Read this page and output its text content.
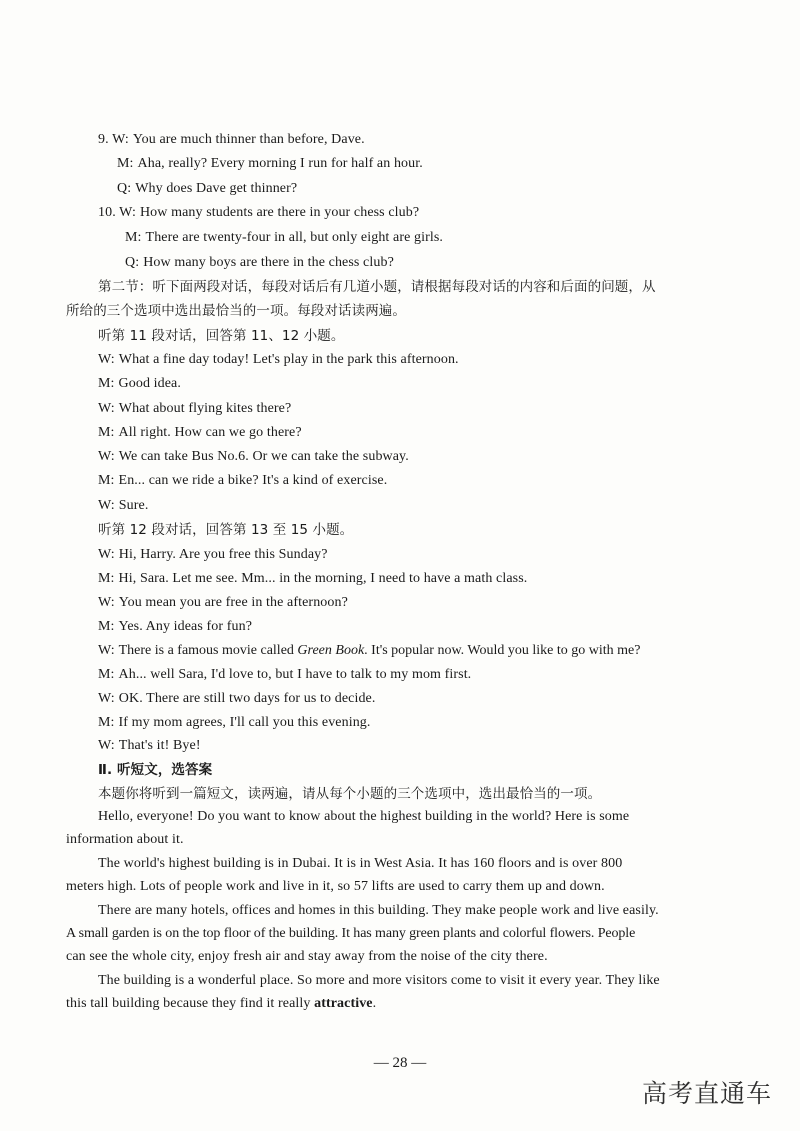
9. W: You are much thinner than before, Dave.
M: Aha, really? Every morning I run for half an hour.
Q: Why does Dave get thinner?
10. W: How many students are there in your chess club?
M: There are twenty-four in all, but only eight are girls.
Q: How many boys are there in the chess club?
第二节：听下面两段对话，每段对话后有几道小题，请根据每段对话的内容和后面的问题，从
所给的三个选项中选出最恰当的一项。每段对话读两遍。
听第 11 段对话，回答第 11、12 小题。
W: What a fine day today! Let's play in the park this afternoon.
M: Good idea.
W: What about flying kites there?
M: All right. How can we go there?
W: We can take Bus No.6. Or we can take the subway.
M: En... can we ride a bike? It's a kind of exercise.
W: Sure.
听第 12 段对话，回答第 13 至 15 小题。
W: Hi, Harry. Are you free this Sunday?
M: Hi, Sara. Let me see. Mm... in the morning, I need to have a math class.
W: You mean you are free in the afternoon?
M: Yes. Any ideas for fun?
W: There is a famous movie called Green Book. It's popular now. Would you like to go with me?
M: Ah... well Sara, I'd love to, but I have to talk to my mom first.
W: OK. There are still two days for us to decide.
M: If my mom agrees, I'll call you this evening.
W: That's it! Bye!
Ⅱ. 听短文，选答案
本题你将听到一篇短文，读两遍，请从每个小题的三个选项中，选出最恰当的一项。
Hello, everyone! Do you want to know about the highest building in the world? Here is some
information about it.
The world's highest building is in Dubai. It is in West Asia. It has 160 floors and is over 800
meters high. Lots of people work and live in it, so 57 lifts are used to carry them up and down.
There are many hotels, offices and homes in this building. They make people work and live easily.
A small garden is on the top floor of the building. It has many green plants and colorful flowers. People
can see the whole city, enjoy fresh air and stay away from the noise of the city there.
The building is a wonderful place. So more and more visitors come to visit it every year. They like
this tall building because they find it really attractive.
— 28 —
高考直通车
